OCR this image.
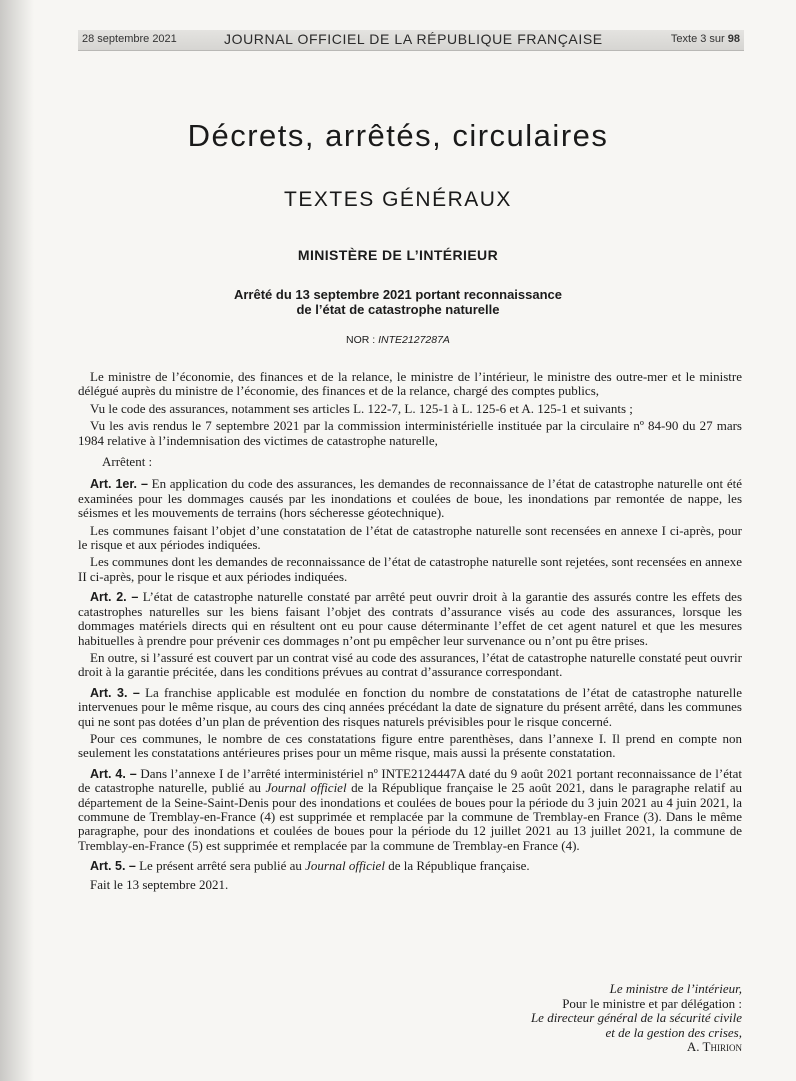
28 septembre 2021	JOURNAL OFFICIEL DE LA RÉPUBLIQUE FRANÇAISE	Texte 3 sur 98
Décrets, arrêtés, circulaires
TEXTES GÉNÉRAUX
MINISTÈRE DE L’INTÉRIEUR
Arrêté du 13 septembre 2021 portant reconnaissance
de l’état de catastrophe naturelle
NOR : INTE2127287A

Le ministre de l’économie, des finances et de la relance, le ministre de l’intérieur, le ministre des outre-mer et le ministre délégué auprès du ministre de l’économie, des finances et de la relance, chargé des comptes publics,

Vu le code des assurances, notamment ses articles L. 122-7, L. 125-1 à L. 125-6 et A. 125-1 et suivants ;

Vu les avis rendus le 7 septembre 2021 par la commission interministérielle instituée par la circulaire nº 84-90 du 27 mars 1984 relative à l’indemnisation des victimes de catastrophe naturelle,

Arrêtent :

Art. 1er. – En application du code des assurances, les demandes de reconnaissance de l’état de catastrophe naturelle ont été examinées pour les dommages causés par les inondations et coulées de boue, les inondations par remontée de nappe, les séismes et les mouvements de terrains (hors sécheresse géotechnique).

Les communes faisant l’objet d’une constatation de l’état de catastrophe naturelle sont recensées en annexe I ci-après, pour le risque et aux périodes indiquées.

Les communes dont les demandes de reconnaissance de l’état de catastrophe naturelle sont rejetées, sont recensées en annexe II ci-après, pour le risque et aux périodes indiquées.

Art. 2. – L’état de catastrophe naturelle constaté par arrêté peut ouvrir droit à la garantie des assurés contre les effets des catastrophes naturelles sur les biens faisant l’objet des contrats d’assurance visés au code des assurances, lorsque les dommages matériels directs qui en résultent ont eu pour cause déterminante l’effet de cet agent naturel et que les mesures habituelles à prendre pour prévenir ces dommages n’ont pu empêcher leur survenance ou n’ont pu être prises.

En outre, si l’assuré est couvert par un contrat visé au code des assurances, l’état de catastrophe naturelle constaté peut ouvrir droit à la garantie précitée, dans les conditions prévues au contrat d’assurance correspondant.

Art. 3. – La franchise applicable est modulée en fonction du nombre de constatations de l’état de catastrophe naturelle intervenues pour le même risque, au cours des cinq années précédant la date de signature du présent arrêté, dans les communes qui ne sont pas dotées d’un plan de prévention des risques naturels prévisibles pour le risque concerné.

Pour ces communes, le nombre de ces constatations figure entre parenthèses, dans l’annexe I. Il prend en compte non seulement les constatations antérieures prises pour un même risque, mais aussi la présente constatation.

Art. 4. – Dans l’annexe I de l’arrêté interministériel nº INTE2124447A daté du 9 août 2021 portant reconnaissance de l’état de catastrophe naturelle, publié au Journal officiel de la République française le 25 août 2021, dans le paragraphe relatif au département de la Seine-Saint-Denis pour des inondations et coulées de boues pour la période du 3 juin 2021 au 4 juin 2021, la commune de Tremblay-en-France (4) est supprimée et remplacée par la commune de Tremblay-en France (3). Dans le même paragraphe, pour des inondations et coulées de boues pour la période du 12 juillet 2021 au 13 juillet 2021, la commune de Tremblay-en-France (5) est supprimée et remplacée par la commune de Tremblay-en France (4).

Art. 5. – Le présent arrêté sera publié au Journal officiel de la République française.

Fait le 13 septembre 2021.

Le ministre de l’intérieur,
Pour le ministre et par délégation :
Le directeur général de la sécurité civile
et de la gestion des crises,
A. Thirion
